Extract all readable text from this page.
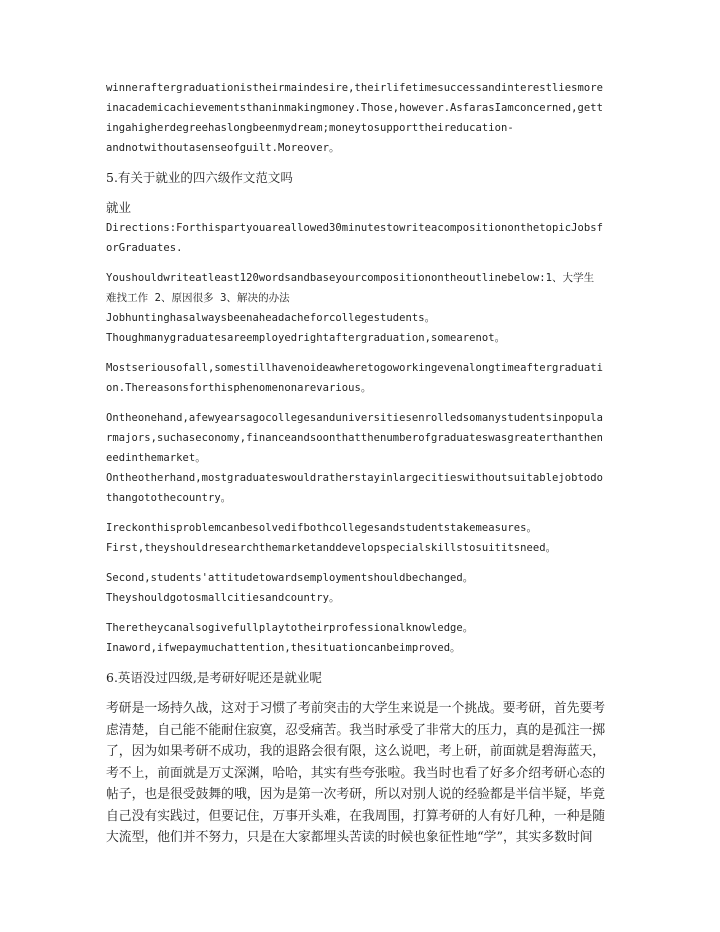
winneraftergraduationistheirmaindesire,theirlifetimesuccessandinterestliesmore
inacademicachievementsthaninmakingmoney.Those,however.AsfarasIamconcerned,gett
ingahigherdegreehaslongbeenmydream;moneytosupporttheireducation-
andnotwithoutasenseofguilt.Moreover。
5.有关于就业的四六级作文范文吗
就业
Directions:Forthispartyouareallowed30minutestowriteacompositiononthetopicJobsf
orGraduates.
Youshouldwriteatleast120wordsandbaseyourcompositionontheoutlinebelow:1、大学生
难找工作 2、原因很多 3、解决的办法
Jobhuntinghasalwaysbeenaheadacheforcollegestudents。
Thoughmanygraduatesareemployedrightaftergraduation,somearenot。
Mostseriousofall,somestillhavenoideawheretogoworkingevenalongtimeaftergraduati
on.Thereasonsforthisphenomenonarevarious。
Ontheonehand,afewyearsagocollegesanduniversitiesenrolledsomanystudentsinpopula
rmajors,suchaseconomy,financeandsoonthatthenumberofgraduateswasgreaterthanthen
eedinthemarket。
Ontheotherhand,mostgraduateswouldratherstayinlargecitieswithoutsuitablejobtodo
thangotothecountry。
Ireckonthisproblemcanbesolvedifbothcollegesandstudentstakemeasures。
First,theyshouldresearchthemarketanddevelopspecialskillstosuititsneed。
Second,students'attitudetowardsemploymentshouldbechanged。
Theyshouldgotosmallcitiesandcountry。
Theretheycanalsogivefullplaytotheirprofessionalknowledge。
Inaword,ifwepaymuchattention,thesituationcanbeimproved。
6.英语没过四级,是考研好呢还是就业呢
考研是一场持久战，这对于习惯了考前突击的大学生来说是一个挑战。要考研，首先要考
虑清楚，自己能不能耐住寂寞，忍受痛苦。我当时承受了非常大的压力，真的是孤注一掷
了，因为如果考研不成功，我的退路会很有限，这么说吧，考上研，前面就是碧海蓝天，
考不上，前面就是万丈深渊，哈哈，其实有些夸张啦。我当时也看了好多介绍考研心态的
帖子，也是很受鼓舞的哦，因为是第一次考研，所以对别人说的经验都是半信半疑，毕竟
自己没有实践过，但要记住，万事开头难，在我周围，打算考研的人有好几种，一种是随
大流型，他们并不努力，只是在大家都埋头苦读的时候也象征性地“学”，其实多数时间
